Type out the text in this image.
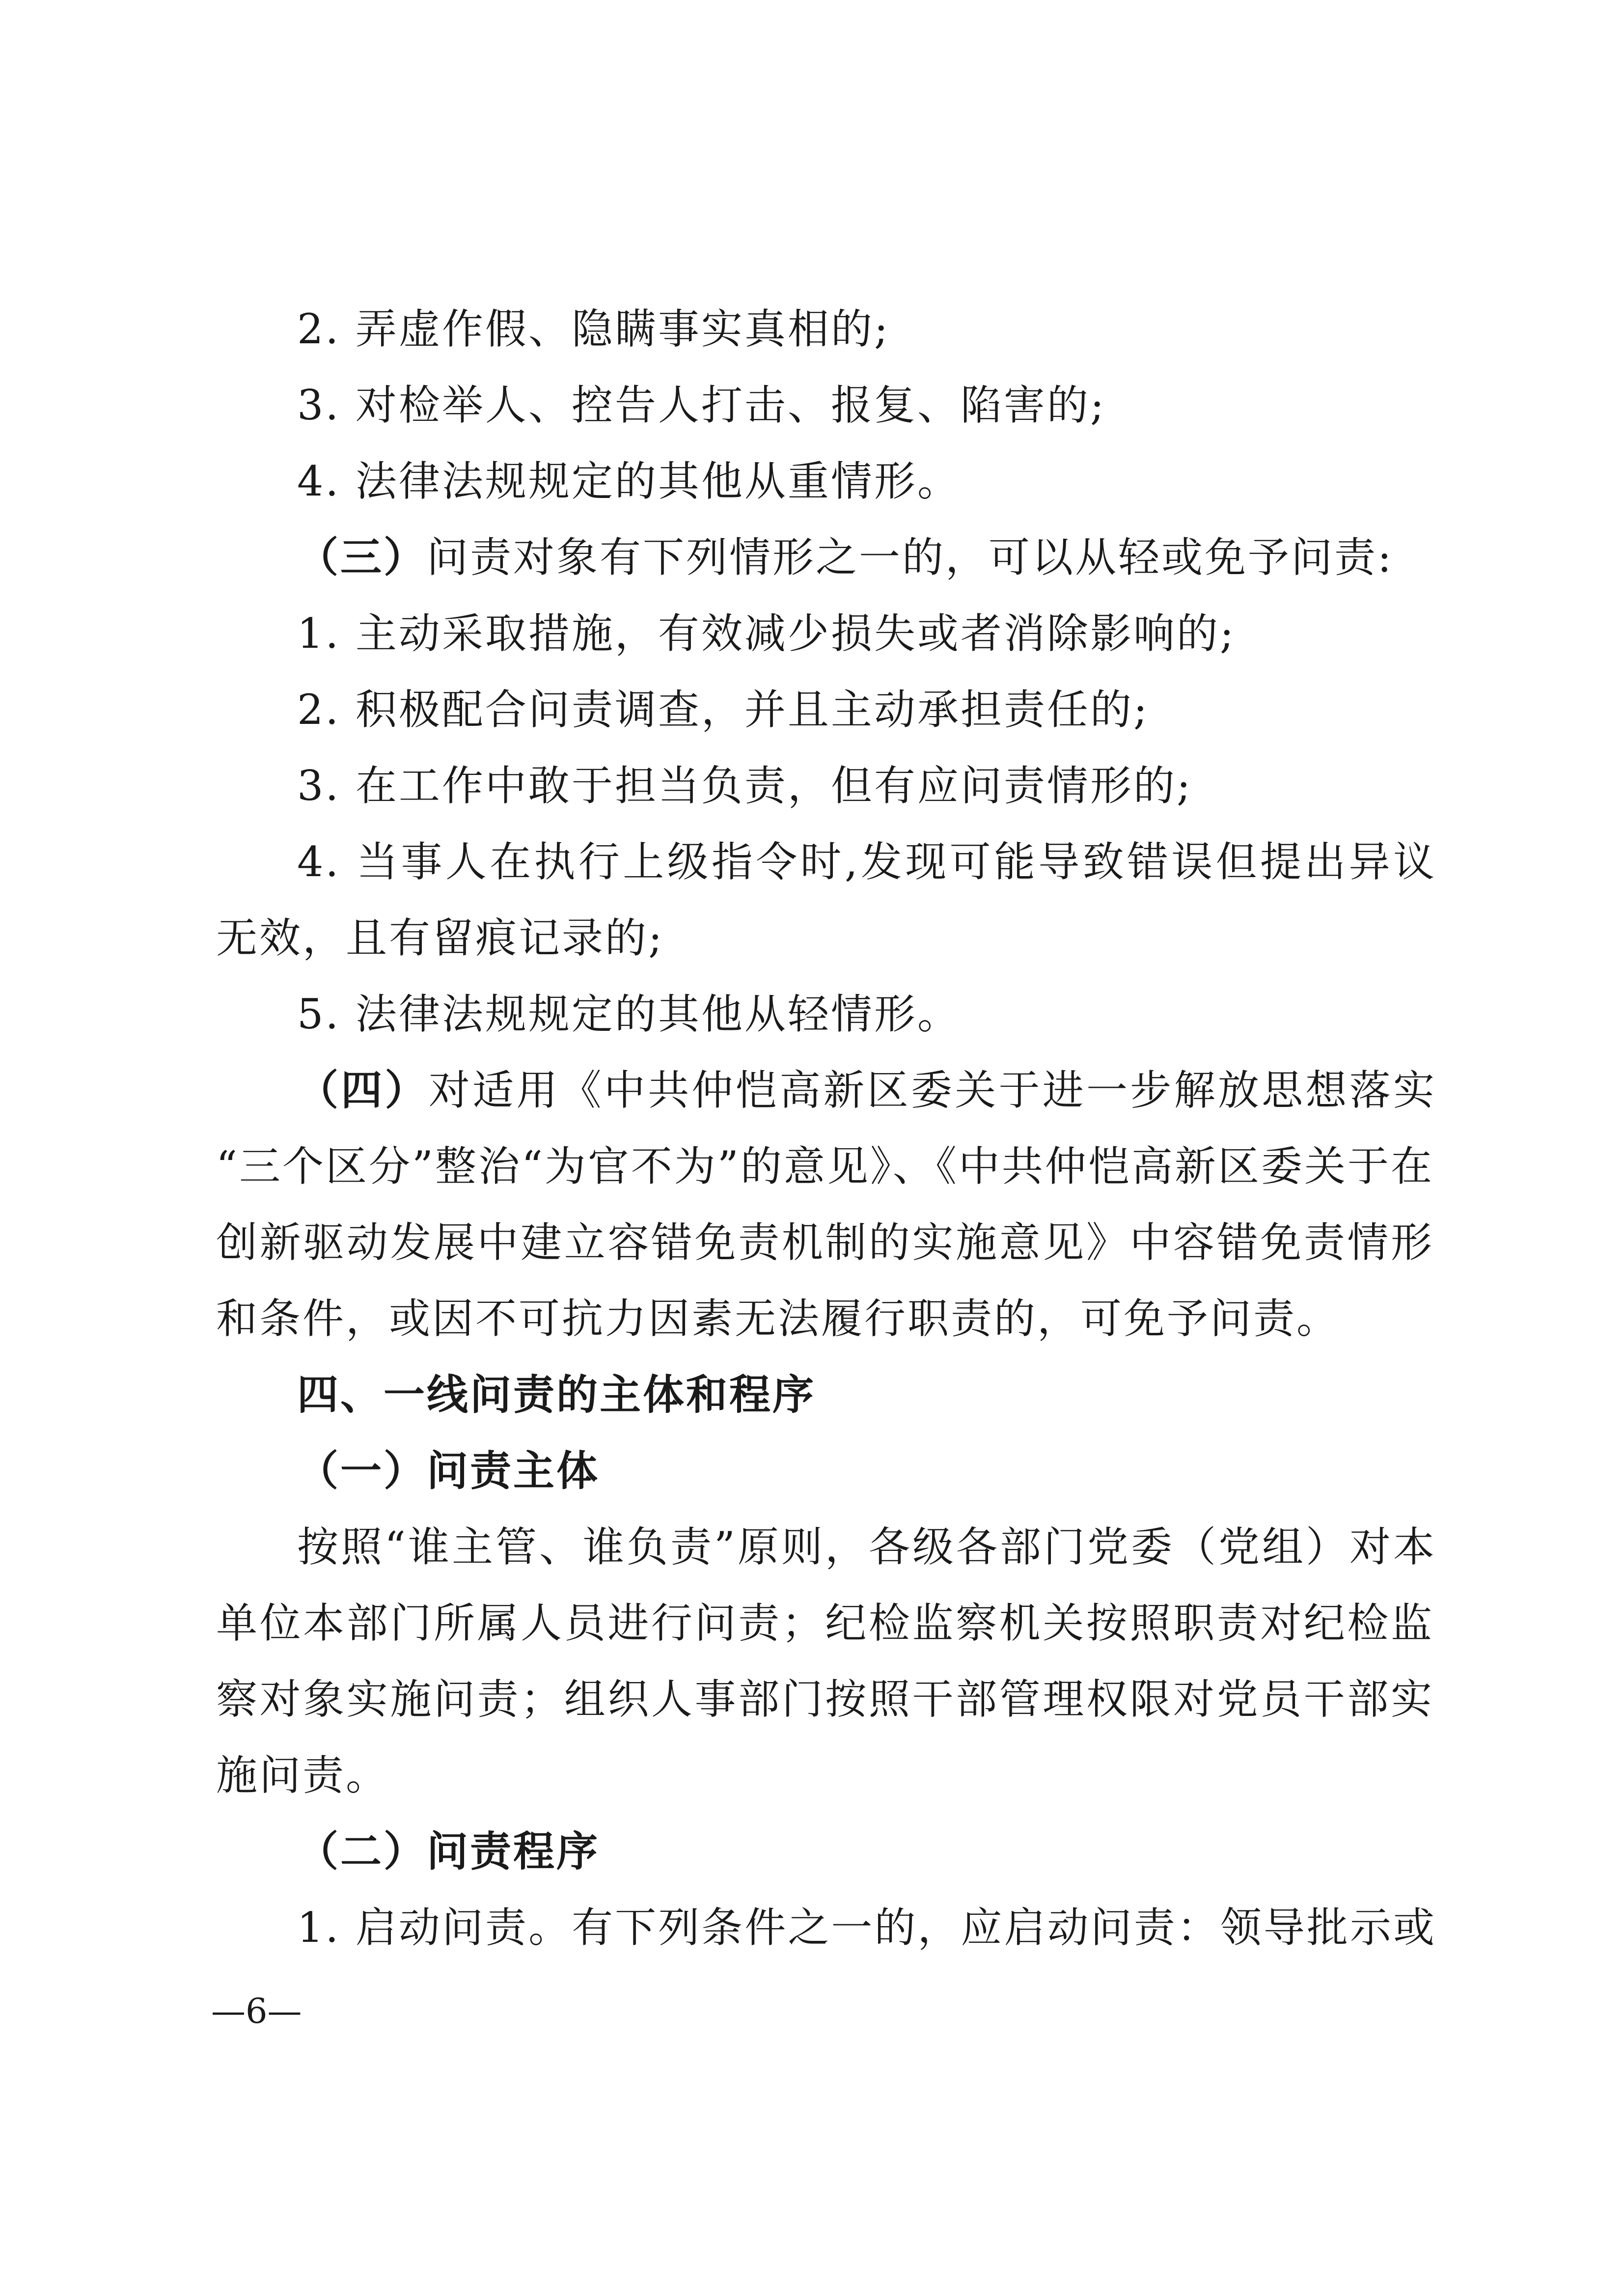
2. 弄虚作假、隐瞒事实真相的;
3. 对检举人、控告人打击、报复、陷害的;
4. 法律法规规定的其他从重情形。
（三）问责对象有下列情形之一的，可以从轻或免予问责:
1. 主动采取措施，有效减少损失或者消除影响的;
2. 积极配合问责调查，并且主动承担责任的;
3. 在工作中敢于担当负责，但有应问责情形的;
4. 当事人在执行上级指令时,发现可能导致错误但提出异议
无效，且有留痕记录的;
5. 法律法规规定的其他从轻情形。
（四）对适用《中共仲恺高新区委关于进一步解放思想落实
“三个区分”整治“为官不为”的意见》、《中共仲恺高新区委关于在
创新驱动发展中建立容错免责机制的实施意见》中容错免责情形
和条件，或因不可抗力因素无法履行职责的，可免予问责。
四、一线问责的主体和程序
（一）问责主体
按照“谁主管、谁负责”原则，各级各部门党委（党组）对本
单位本部门所属人员进行问责；纪检监察机关按照职责对纪检监
察对象实施问责；组织人事部门按照干部管理权限对党员干部实
施问责。
（二）问责程序
1. 启动问责。有下列条件之一的，应启动问责：领导批示或
—6—
